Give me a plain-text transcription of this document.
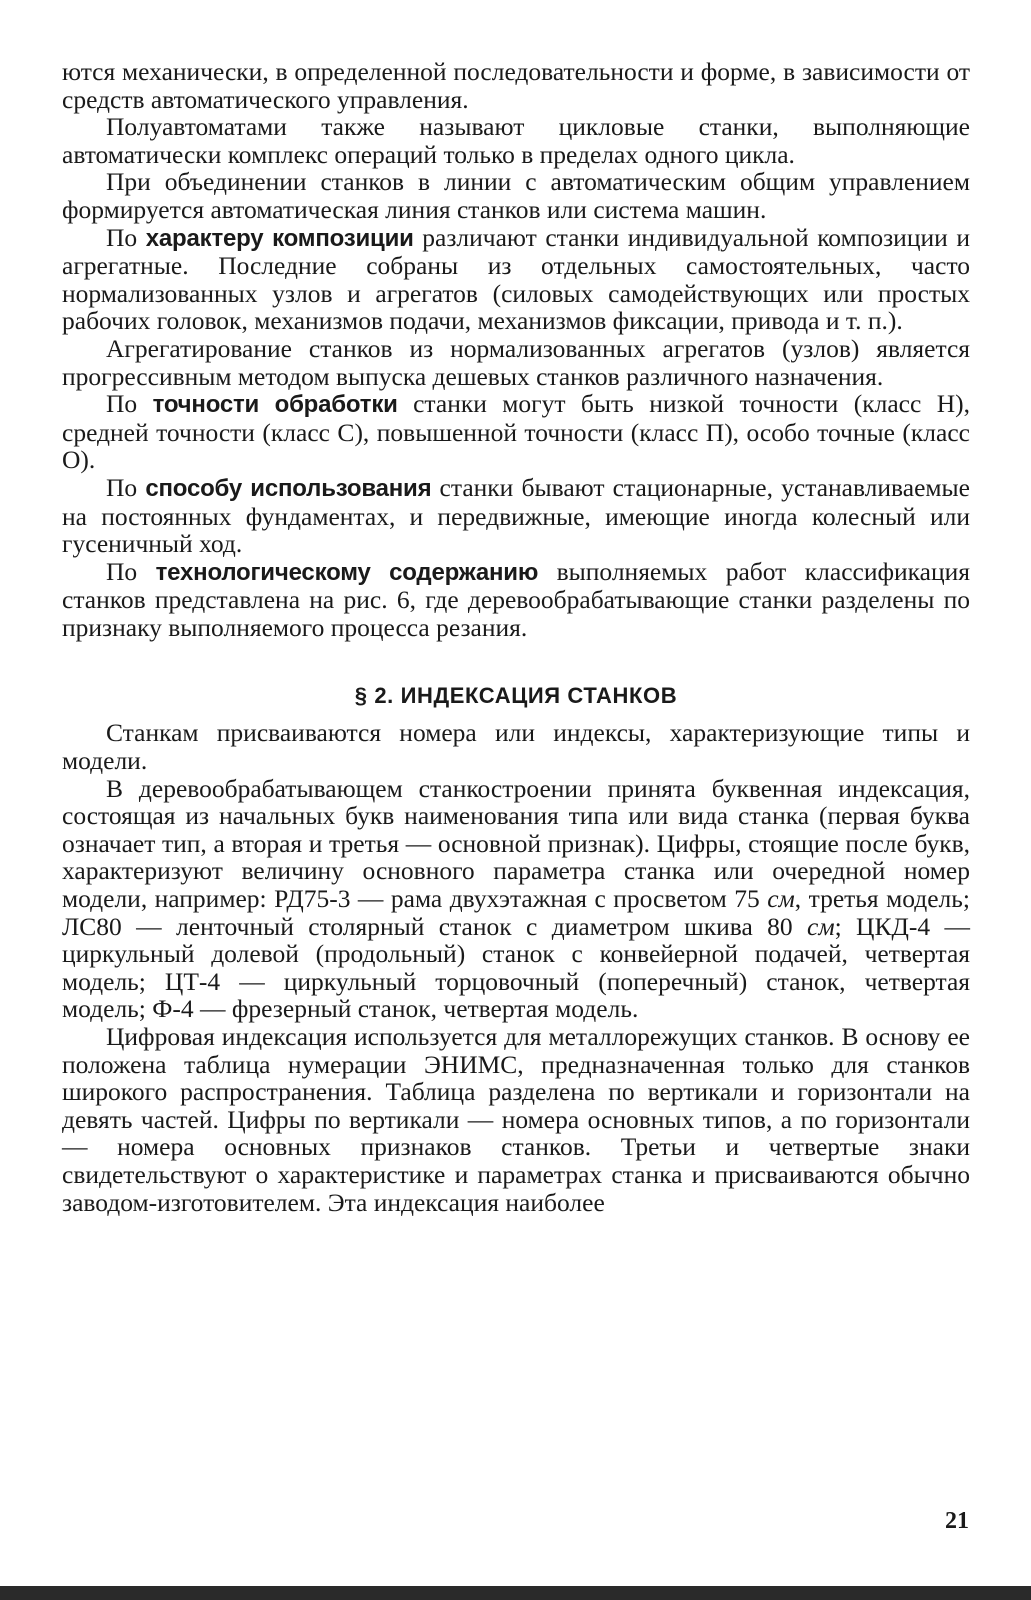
ются механически, в определенной последовательности и форме, в зависимости от средств автоматического управления.

Полуавтоматами также называют цикловые станки, выполняющие автоматически комплекс операций только в пределах одного цикла.

При объединении станков в линии с автоматическим общим управлением формируется автоматическая линия станков или система машин.

По характеру композиции различают станки индивидуальной композиции и агрегатные. Последние собраны из отдельных самостоятельных, часто нормализованных узлов и агрегатов (силовых самодействующих или простых рабочих головок, механизмов подачи, механизмов фиксации, привода и т. п.).

Агрегатирование станков из нормализованных агрегатов (узлов) является прогрессивным методом выпуска дешевых станков различного назначения.

По точности обработки станки могут быть низкой точности (класс Н), средней точности (класс С), повышенной точности (класс П), особо точные (класс О).

По способу использования станки бывают стационарные, устанавливаемые на постоянных фундаментах, и передвижные, имеющие иногда колесный или гусеничный ход.

По технологическому содержанию выполняемых работ классификация станков представлена на рис. 6, где деревообрабатывающие станки разделены по признаку выполняемого процесса резания.

§ 2. ИНДЕКСАЦИЯ СТАНКОВ

Станкам присваиваются номера или индексы, характеризующие типы и модели.

В деревообрабатывающем станкостроении принята буквенная индексация, состоящая из начальных букв наименования типа или вида станка (первая буква означает тип, а вторая и третья — основной признак). Цифры, стоящие после букв, характеризуют величину основного параметра станка или очередной номер модели, например: РД75-3 — рама двухэтажная с просветом 75 см, третья модель; ЛС80 — ленточный столярный станок с диаметром шкива 80 см; ЦКД-4 — циркульный долевой (продольный) станок с конвейерной подачей, четвертая модель; ЦТ-4 — циркульный торцовочный (поперечный) станок, четвертая модель; Ф-4 — фрезерный станок, четвертая модель.

Цифровая индексация используется для металлорежущих станков. В основу ее положена таблица нумерации ЭНИМС, предназначенная только для станков широкого распространения. Таблица разделена по вертикали и горизонтали на девять частей. Цифры по вертикали — номера основных типов, а по горизонтали — номера основных признаков станков. Третьи и четвертые знаки свидетельствуют о характеристике и параметрах станка и присваиваются обычно заводом-изготовителем. Эта индексация наиболее

21
